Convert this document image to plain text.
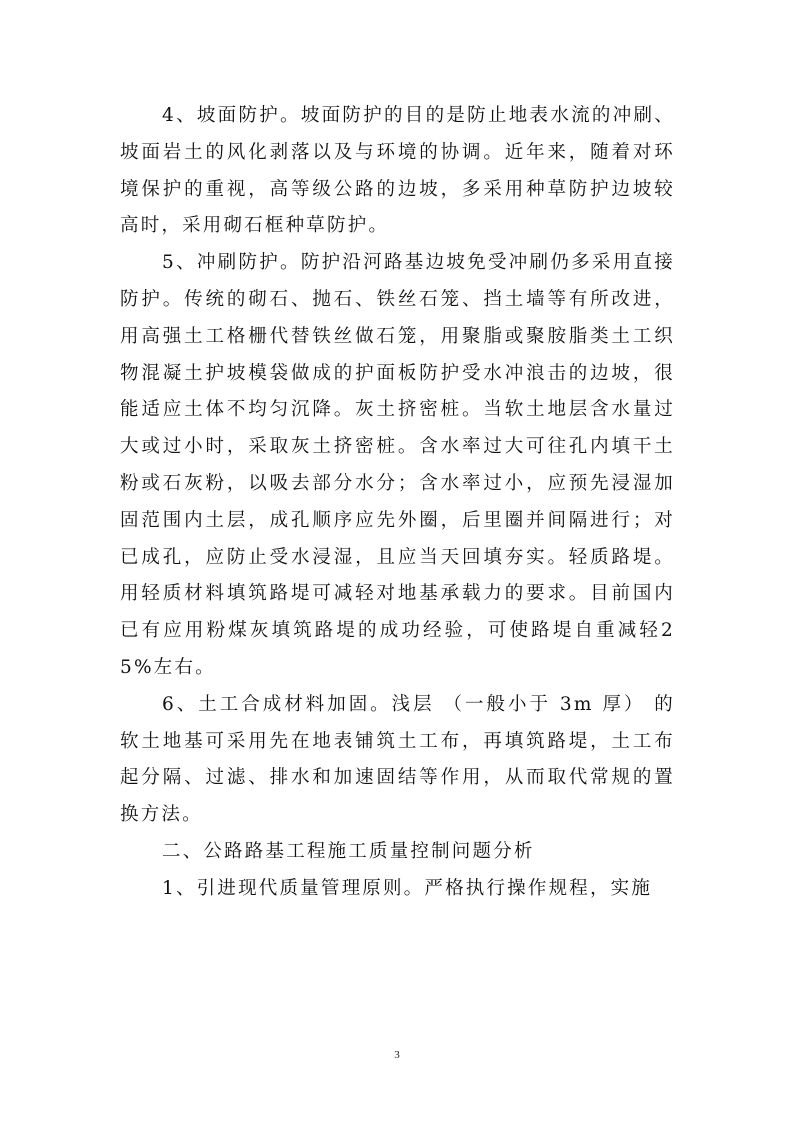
4、坡面防护。坡面防护的目的是防止地表水流的冲刷、坡面岩土的风化剥落以及与环境的协调。近年来，随着对环境保护的重视，高等级公路的边坡，多采用种草防护边坡较高时，采用砌石框种草防护。

5、冲刷防护。防护沿河路基边坡免受冲刷仍多采用直接防护。传统的砌石、抛石、铁丝石笼、挡土墙等有所改进，用高强土工格栅代替铁丝做石笼，用聚脂或聚胺脂类土工织物混凝土护坡模袋做成的护面板防护受水冲浪击的边坡，很能适应土体不均匀沉降。灰土挤密桩。当软土地层含水量过大或过小时，采取灰土挤密桩。含水率过大可往孔内填干土粉或石灰粉，以吸去部分水分；含水率过小，应预先浸湿加固范围内土层，成孔顺序应先外圈，后里圈并间隔进行；对已成孔，应防止受水浸湿，且应当天回填夯实。轻质路堤。用轻质材料填筑路堤可减轻对地基承载力的要求。目前国内已有应用粉煤灰填筑路堤的成功经验，可使路堤自重减轻25%左右。

6、土工合成材料加固。浅层 （一般小于 3m 厚） 的软土地基可采用先在地表铺筑土工布，再填筑路堤，土工布起分隔、过滤、排水和加速固结等作用，从而取代常规的置换方法。

二、公路路基工程施工质量控制问题分析

1、引进现代质量管理原则。严格执行操作规程，实施

3
